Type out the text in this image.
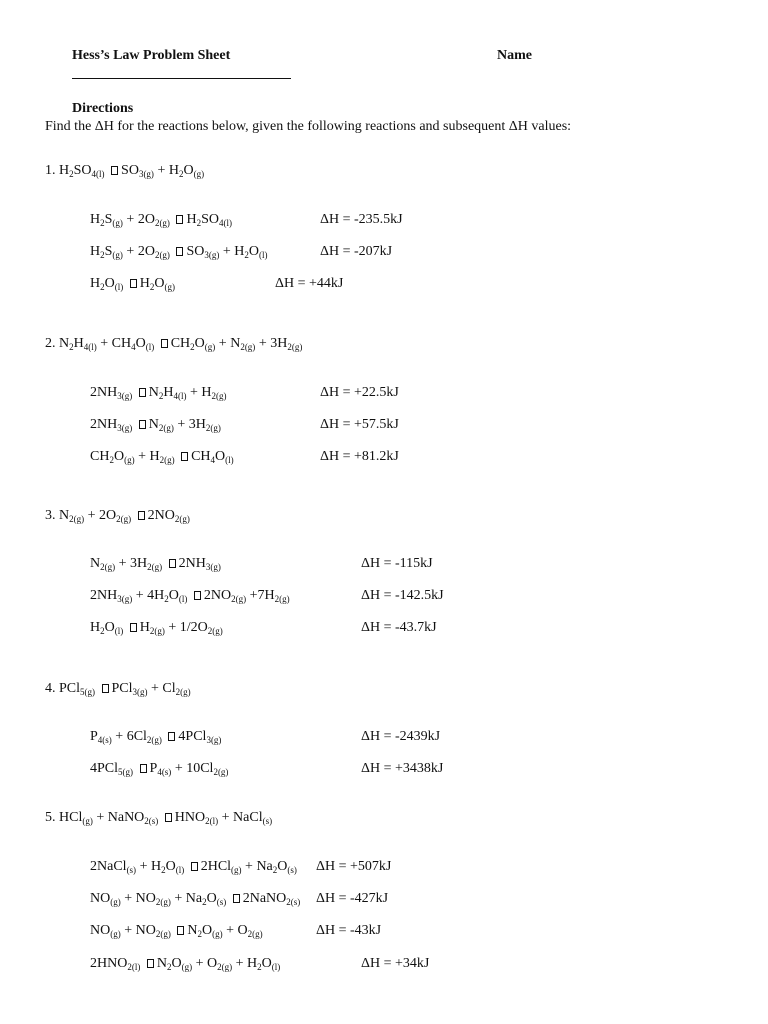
Hess’s Law Problem Sheet	Name
Directions
Find the ΔH for the reactions below, given the following reactions and subsequent ΔH values:
1. $H_2SO_{4(l)}$ $SO_{3(g)} + H_2O_{(g)}$
$H_2S_{(g)} + 2O_{2(g)}$ $H_2SO_{4(l)}$	ΔH = -235.5kJ
$H_2S_{(g)} + 2O_{2(g)}$ $SO_{3(g)} + H_2O_{(l)}$	ΔH = -207kJ
$H_2O_{(l)}$ $H_2O_{(g)}$	ΔH = +44kJ
2. $N_2H_{4(l)} + CH_4O_{(l)}$ $CH_2O_{(g)} + N_{2(g)} + 3H_{2(g)}$
$2NH_{3(g)}$ $N_2H_{4(l)} + H_{2(g)}$	ΔH = +22.5kJ
$2NH_{3(g)}$ $N_{2(g)} + 3H_{2(g)}$	ΔH = +57.5kJ
$CH_2O_{(g)} + H_{2(g)}$ $CH_4O_{(l)}$	ΔH = +81.2kJ
3. $N_{2(g)} + 2O_{2(g)}$ $2NO_{2(g)}$
$N_{2(g)} + 3H_{2(g)}$ $2NH_{3(g)}$	ΔH = -115kJ
$2NH_{3(g)} + 4H_2O_{(l)}$ $2NO_{2(g)} +7H_{2(g)}$	ΔH = -142.5kJ
$H_2O_{(l)}$ $H_{2(g)} + 1/2O_{2(g)}$	ΔH = -43.7kJ
4. PCl$_{5(g)}$ $PCl_{3(g)} + Cl_{2(g)}$
$P_{4(s)} + 6Cl_{2(g)}$ 4PCl$_{3(g)}$	ΔH = -2439kJ
4PCl$_{5(g)}$ $P_{4(s)} + 10Cl_{2(g)}$	ΔH = +3438kJ
5. HCl$_{(g)}$ + NaNO$_{2(s)}$ $HNO_{2(l)}$ + NaCl$_{(s)}$
2NaCl$_{(s)}$ + $H_2O_{(l)}$ $2HCl_{(g)} + Na_2O_{(s)}$ ΔH = +507kJ
$NO_{(g)} + NO_{2(g)} + Na_2O_{(s)}$ 2NaNO$_{2(s)}$ ΔH = -427kJ
$NO_{(g)} + NO_{2(g)}$ $N_2O_{(g)} + O_{2(g)}$	ΔH = -43kJ
$2HNO_{2(l)}$ $N_2O_{(g)} + O_{2(g)} + H_2O_{(l)}$	ΔH = +34kJ
